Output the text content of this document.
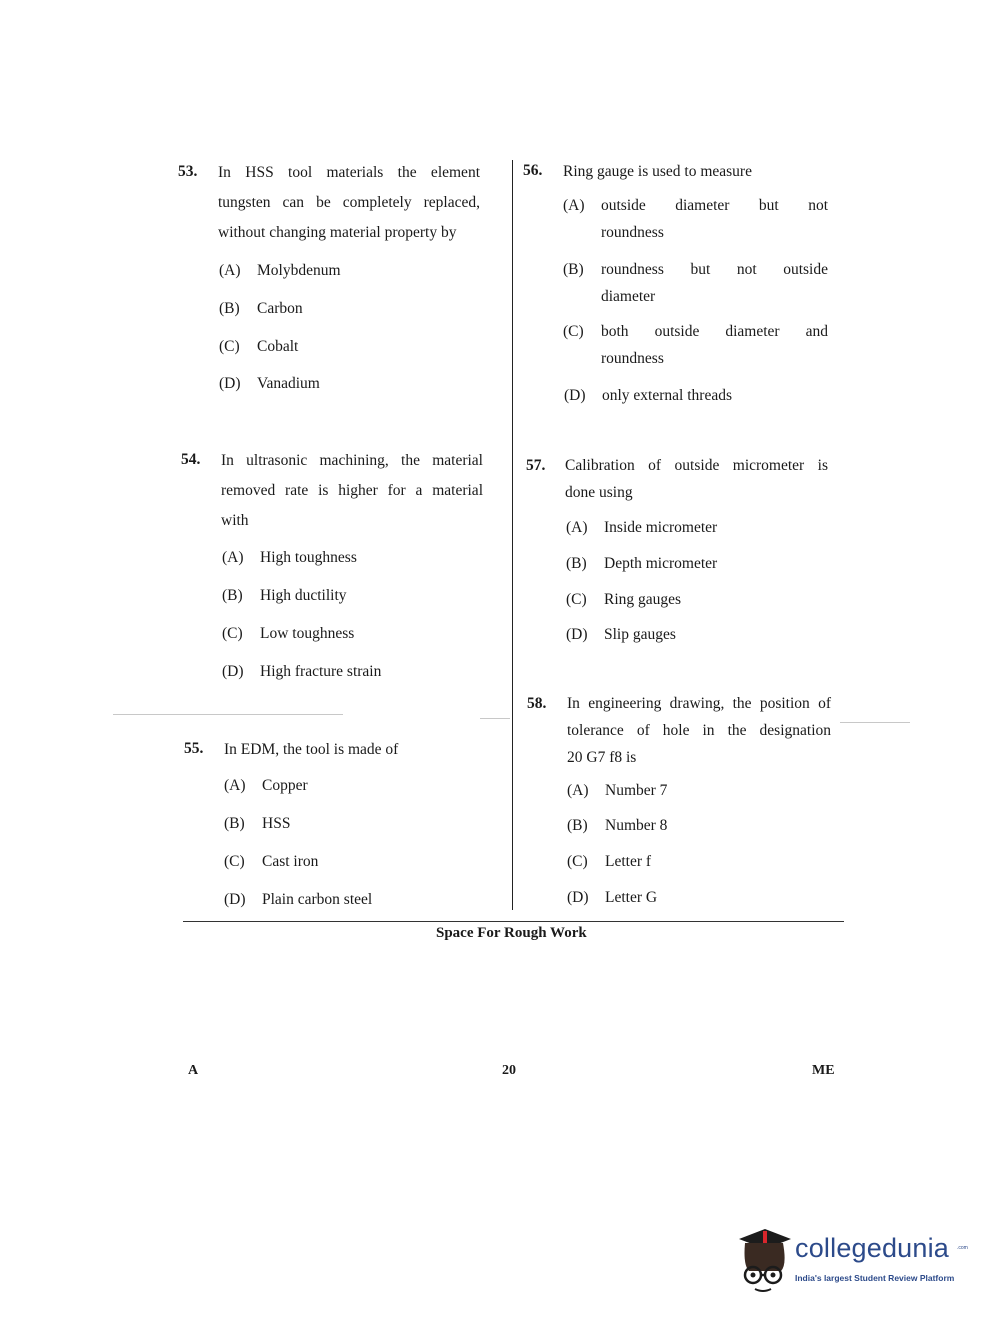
53. In HSS tool materials the element
tungsten can be completely replaced,
without changing material property by
(A) Molybdenum
(B) Carbon
(C) Cobalt
(D) Vanadium
54. In ultrasonic machining, the material
removed rate is higher for a material
with
(A) High toughness
(B) High ductility
(C) Low toughness
(D) High fracture strain
55. In EDM, the tool is made of
(A) Copper
(B) HSS
(C) Cast iron
(D) Plain carbon steel
56. Ring gauge is used to measure
(A) outside diameter but not
roundness
(B) roundness but not outside
diameter
(C) both outside diameter and
roundness
(D) only external threads
57. Calibration of outside micrometer is
done using
(A) Inside micrometer
(B) Depth micrometer
(C) Ring gauges
(D) Slip gauges
58. In engineering drawing, the position of
tolerance of hole in the designation
20 G7 f8 is
(A) Number 7
(B) Number 8
(C) Letter f
(D) Letter G
Space For Rough Work
A	20	ME
collegedunia .com
India's largest Student Review Platform
